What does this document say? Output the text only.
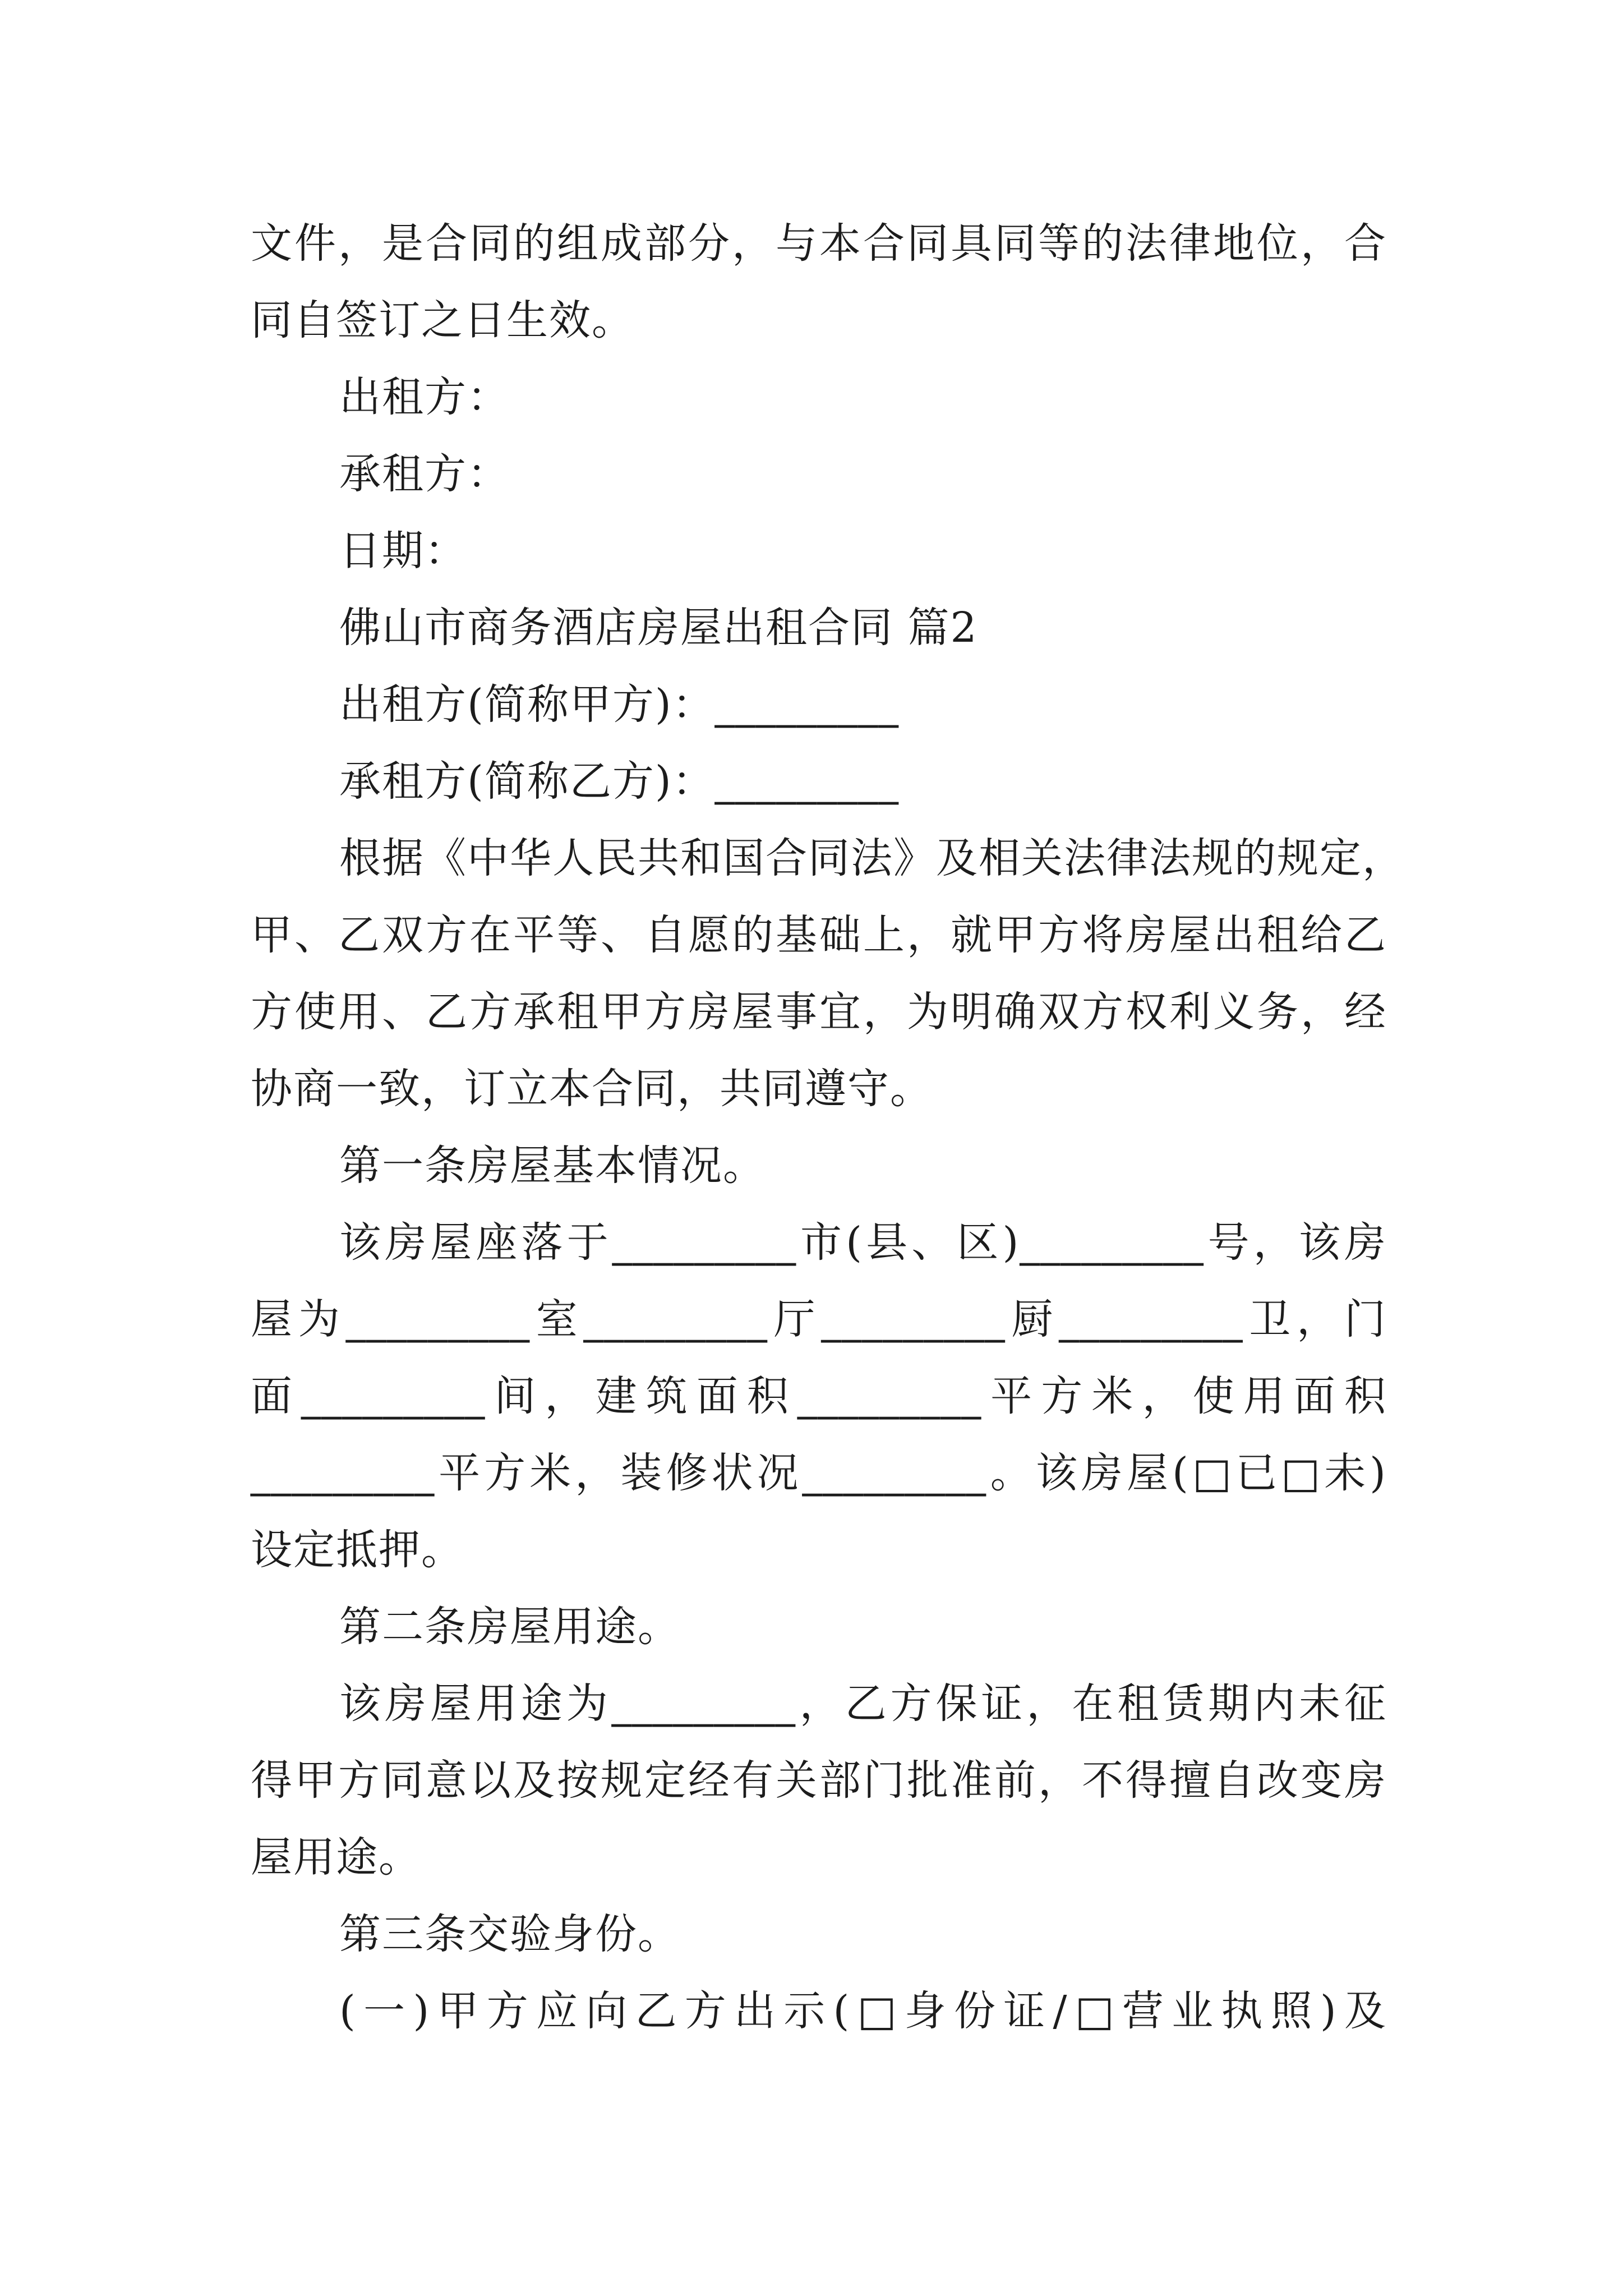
文件，是合同的组成部分，与本合同具同等的法律地位，合
同自签订之日生效。
出租方：
承租方：
日期：
佛山市商务酒店房屋出租合同 篇2
出租方(简称甲方)：_________
承租方(简称乙方)：_________
根据《中华人民共和国合同法》及相关法律法规的规定，
甲、乙双方在平等、自愿的基础上，就甲方将房屋出租给乙
方使用、乙方承租甲方房屋事宜，为明确双方权利义务，经
协商一致，订立本合同，共同遵守。
第一条房屋基本情况。
该房屋座落于_________市(县、区)_________号，该房
屋为_________室_________厅_________厨_________卫，门
面_________间，建筑面积_________平方米，使用面积
_________平方米，装修状况_________。该房屋(□已□未)
设定抵押。
第二条房屋用途。
该房屋用途为_________，乙方保证，在租赁期内未征
得甲方同意以及按规定经有关部门批准前，不得擅自改变房
屋用途。
第三条交验身份。
(一)甲方应向乙方出示(□身份证/□营业执照)及
